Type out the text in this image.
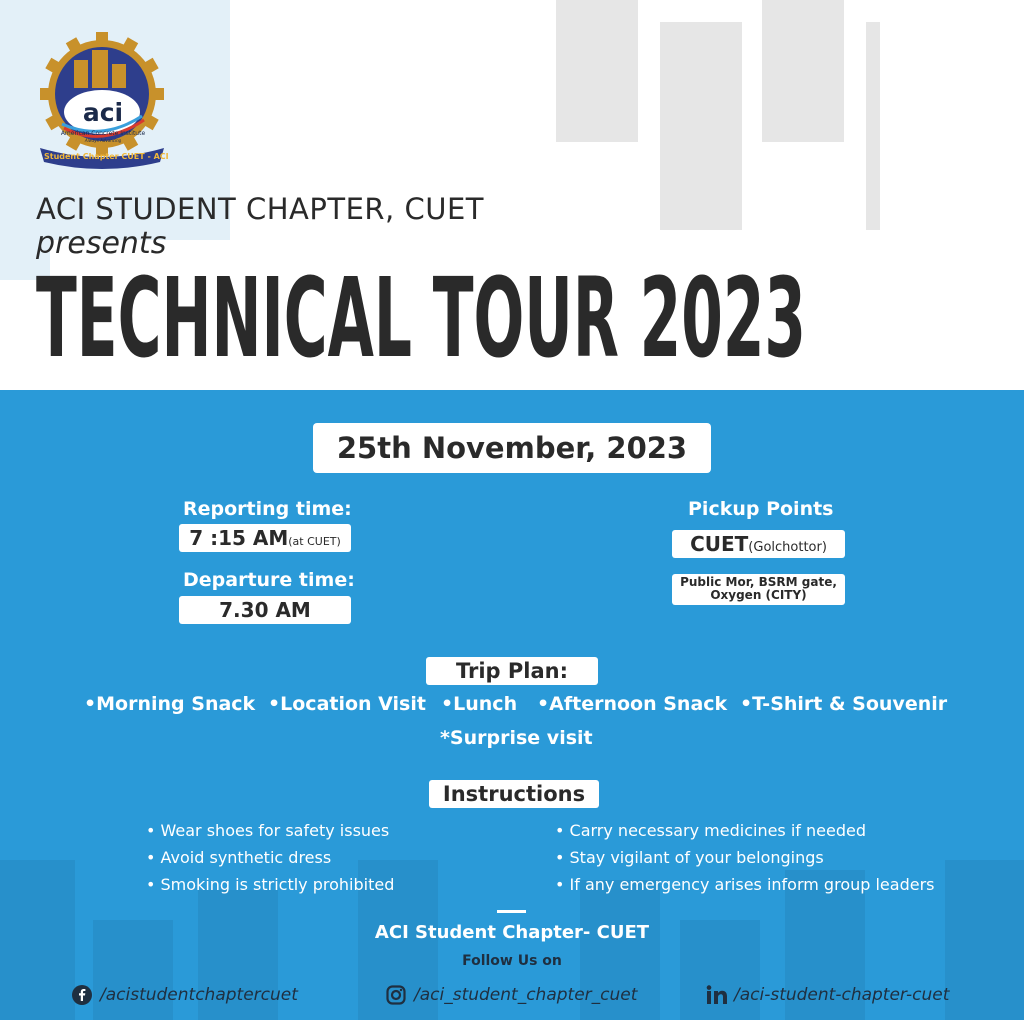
aci
American Concrete Institute
Always Advancing
Student Chapter CUET - ACI
ACI STUDENT CHAPTER, CUET
presents
TECHNICAL TOUR 2023
25th November, 2023
Reporting time:
7 :15 AM(at CUET)
Departure time:
7.30 AM
Pickup Points
CUET(Golchottor)
Public Mor, BSRM gate,
Oxygen (CITY)
Trip Plan:
•Morning Snack •Location Visit •Lunch •Afternoon Snack •T-Shirt & Souvenir
*Surprise visit
Instructions
• Wear shoes for safety issues
• Avoid synthetic dress
• Smoking is strictly prohibited
• Carry necessary medicines if needed
• Stay vigilant of your belongings
• If any emergency arises inform group leaders
ACI Student Chapter- CUET
Follow Us on
/acistudentchaptercuet	/aci_student_chapter_cuet	/aci-student-chapter-cuet
